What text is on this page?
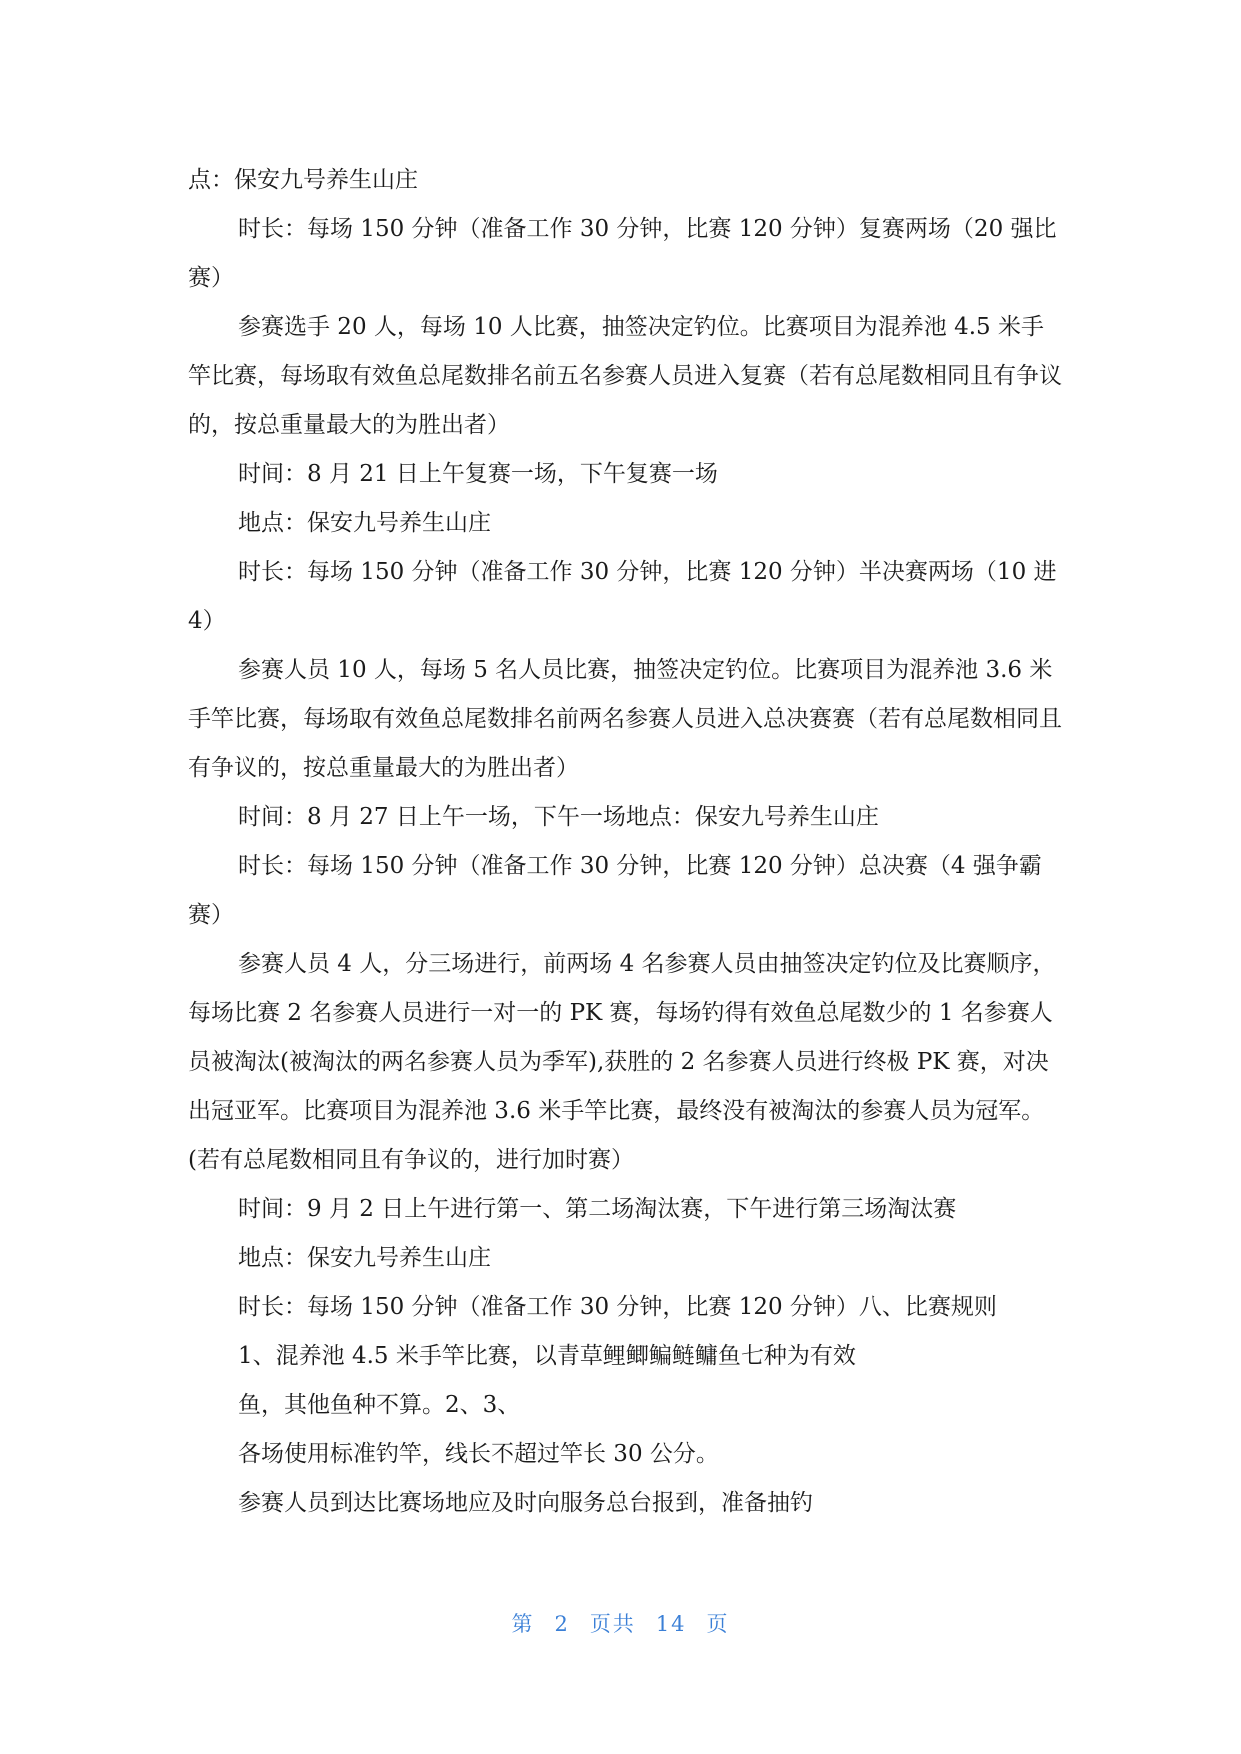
点：保安九号养生山庄

时长：每场 150 分钟（准备工作 30 分钟，比赛 120 分钟）复赛两场（20 强比赛）

参赛选手 20 人，每场 10 人比赛，抽签决定钓位。比赛项目为混养池 4.5 米手竿比赛，每场取有效鱼总尾数排名前五名参赛人员进入复赛（若有总尾数相同且有争议的，按总重量最大的为胜出者）

时间：8 月 21 日上午复赛一场，下午复赛一场

地点：保安九号养生山庄

时长：每场 150 分钟（准备工作 30 分钟，比赛 120 分钟）半决赛两场（10 进 4）

参赛人员 10 人，每场 5 名人员比赛，抽签决定钓位。比赛项目为混养池 3.6 米手竿比赛，每场取有效鱼总尾数排名前两名参赛人员进入总决赛赛（若有总尾数相同且有争议的，按总重量最大的为胜出者）

时间：8 月 27 日上午一场，下午一场地点：保安九号养生山庄

时长：每场 150 分钟（准备工作 30 分钟，比赛 120 分钟）总决赛（4 强争霸赛）

参赛人员 4 人，分三场进行，前两场 4 名参赛人员由抽签决定钓位及比赛顺序，每场比赛 2 名参赛人员进行一对一的 PK 赛，每场钓得有效鱼总尾数少的 1 名参赛人员被淘汰(被淘汰的两名参赛人员为季军),获胜的 2 名参赛人员进行终极 PK 赛，对决出冠亚军。比赛项目为混养池 3.6 米手竿比赛，最终没有被淘汰的参赛人员为冠军。(若有总尾数相同且有争议的，进行加时赛）

时间：9 月 2 日上午进行第一、第二场淘汰赛，下午进行第三场淘汰赛

地点：保安九号养生山庄

时长：每场 150 分钟（准备工作 30 分钟，比赛 120 分钟）八、比赛规则

1、混养池 4.5 米手竿比赛，以青草鲤鲫鳊鲢鳙鱼七种为有效

鱼，其他鱼种不算。2、3、

各场使用标准钓竿，线长不超过竿长 30 公分。

参赛人员到达比赛场地应及时向服务总台报到，准备抽钓

第 2 页共 14 页
